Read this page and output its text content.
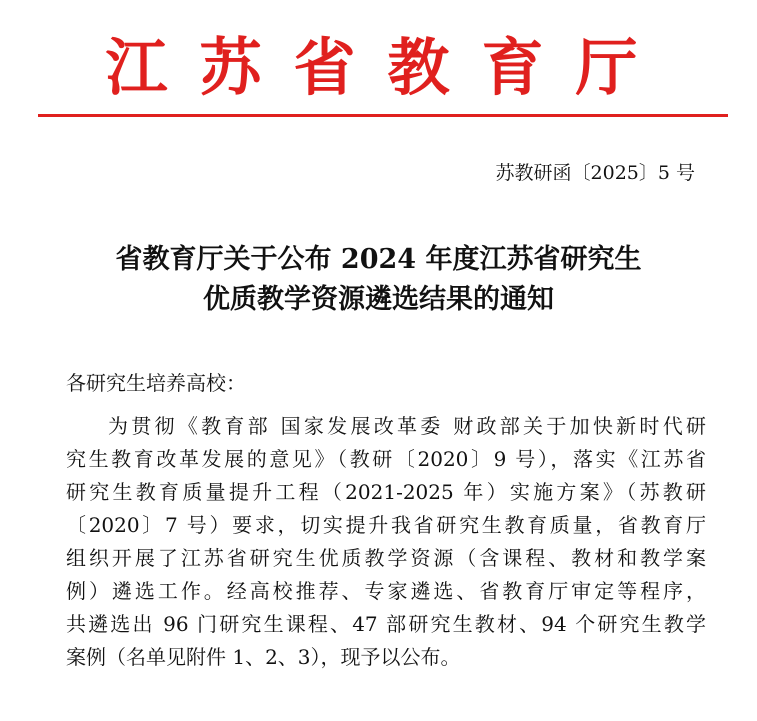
江苏省教育厅
苏教研函〔2025〕5 号
省教育厅关于公布 2024 年度江苏省研究生
优质教学资源遴选结果的通知
各研究生培养高校：
为贯彻《教育部 国家发展改革委 财政部关于加快新时代研
究生教育改革发展的意见》（教研〔2020〕9 号），落实《江苏省
研究生教育质量提升工程（2021-2025 年）实施方案》（苏教研
〔2020〕7 号）要求，切实提升我省研究生教育质量，省教育厅
组织开展了江苏省研究生优质教学资源（含课程、教材和教学案
例）遴选工作。经高校推荐、专家遴选、省教育厅审定等程序，
共遴选出 96 门研究生课程、47 部研究生教材、94 个研究生教学
案例（名单见附件 1、2、3），现予以公布。
